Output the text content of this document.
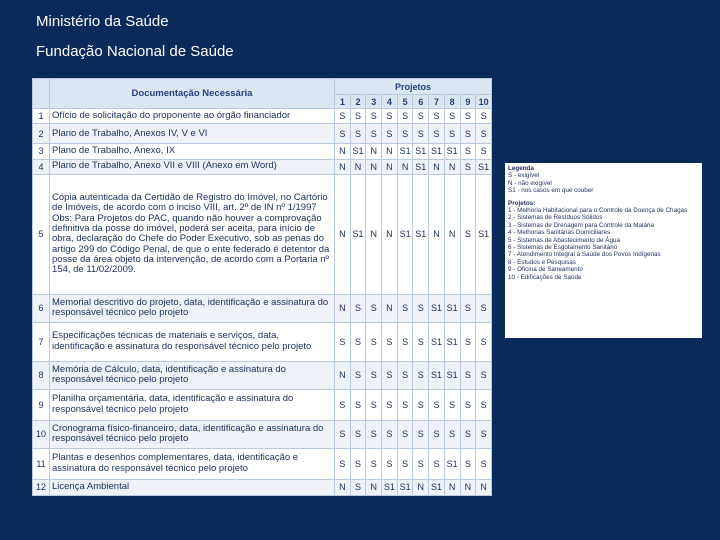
Ministério da Saúde

Fundação Nacional de Saúde

	Documentação Necessária	Projetos									
		1	2	3	4	5	6	7	8	9	10
1	Ofício de solicitação do proponente ao órgão financiador	S	S	S	S	S	S	S	S	S	S
2	Plano de Trabalho, Anexos IV, V e VI	S	S	S	S	S	S	S	S	S	S
3	Plano de Trabalho, Anexo, IX	N	S1	N	N	S1	S1	S1	S1	S	S
4	Plano de Trabalho, Anexo VII e VIII (Anexo em Word)	N	N	N	N	N	S1	N	N	S	S1
5	Cópia autenticada da Certidão de Registro do Imóvel, no Cartório de Imóveis, de acordo com o inciso VIII, art. 2º de IN nº 1/1997 Obs: Para Projetos do PAC, quando não houver a comprovação definitiva da posse do imóvel, poderá ser aceita, para início de obra, declaração do Chefe do Poder Executivo, sob as penas do artigo 299 do Código Penal, de que o ente federado é detentor da posse da área objeto da intervenção, de acordo com a Portaria nº 154, de 11/02/2009.	N	S1	N	N	S1	S1	N	N	S	S1
6	Memorial descritivo do projeto, data, identificação e assinatura do responsável técnico pelo projeto	N	S	S	N	S	S	S1	S1	S	S
7	Especificações técnicas de materiais e serviços, data, identificação e assinatura do responsável técnico pelo projeto	S	S	S	S	S	S	S1	S1	S	S
8	Memória de Cálculo, data, identificação e assinatura do responsável técnico pelo projeto	N	S	S	S	S	S	S1	S1	S	S
9	Planilha orçamentária, data, identificação e assinatura do responsável técnico pelo projeto	S	S	S	S	S	S	S	S	S	S
10	Cronograma físico-financeiro, data, identificação e assinatura do responsável técnico pelo projeto	S	S	S	S	S	S	S	S	S	S
11	Plantas e desenhos complementares, data, identificação e assinatura do responsável técnico pelo projeto	S	S	S	S	S	S	S	S1	S	S
12	Licença Ambiental	N	S	N	S1	S1	N	S1	N	N	N
Legenda
S - exigível
N - não exigível
S1 - nos casos em que couber
Projetos:
1 - Melhoria Habitacional para o Controle da Doença de Chagas
2 - Sistemas de Resíduos Sólidos
3 - Sistemas de Drenagem para Controle da Malária
4 - Melhorias Sanitárias Domiciliares
5 - Sistemas de Abastecimento de Água
6 - Sistemas de Esgotamento Sanitário
7 - Atendimento Integral à Saúde dos Povos Indígenas
8 - Estudos e Pesquisas
9 - Oficina de Saneamento
10 - Edificações de Saúde
